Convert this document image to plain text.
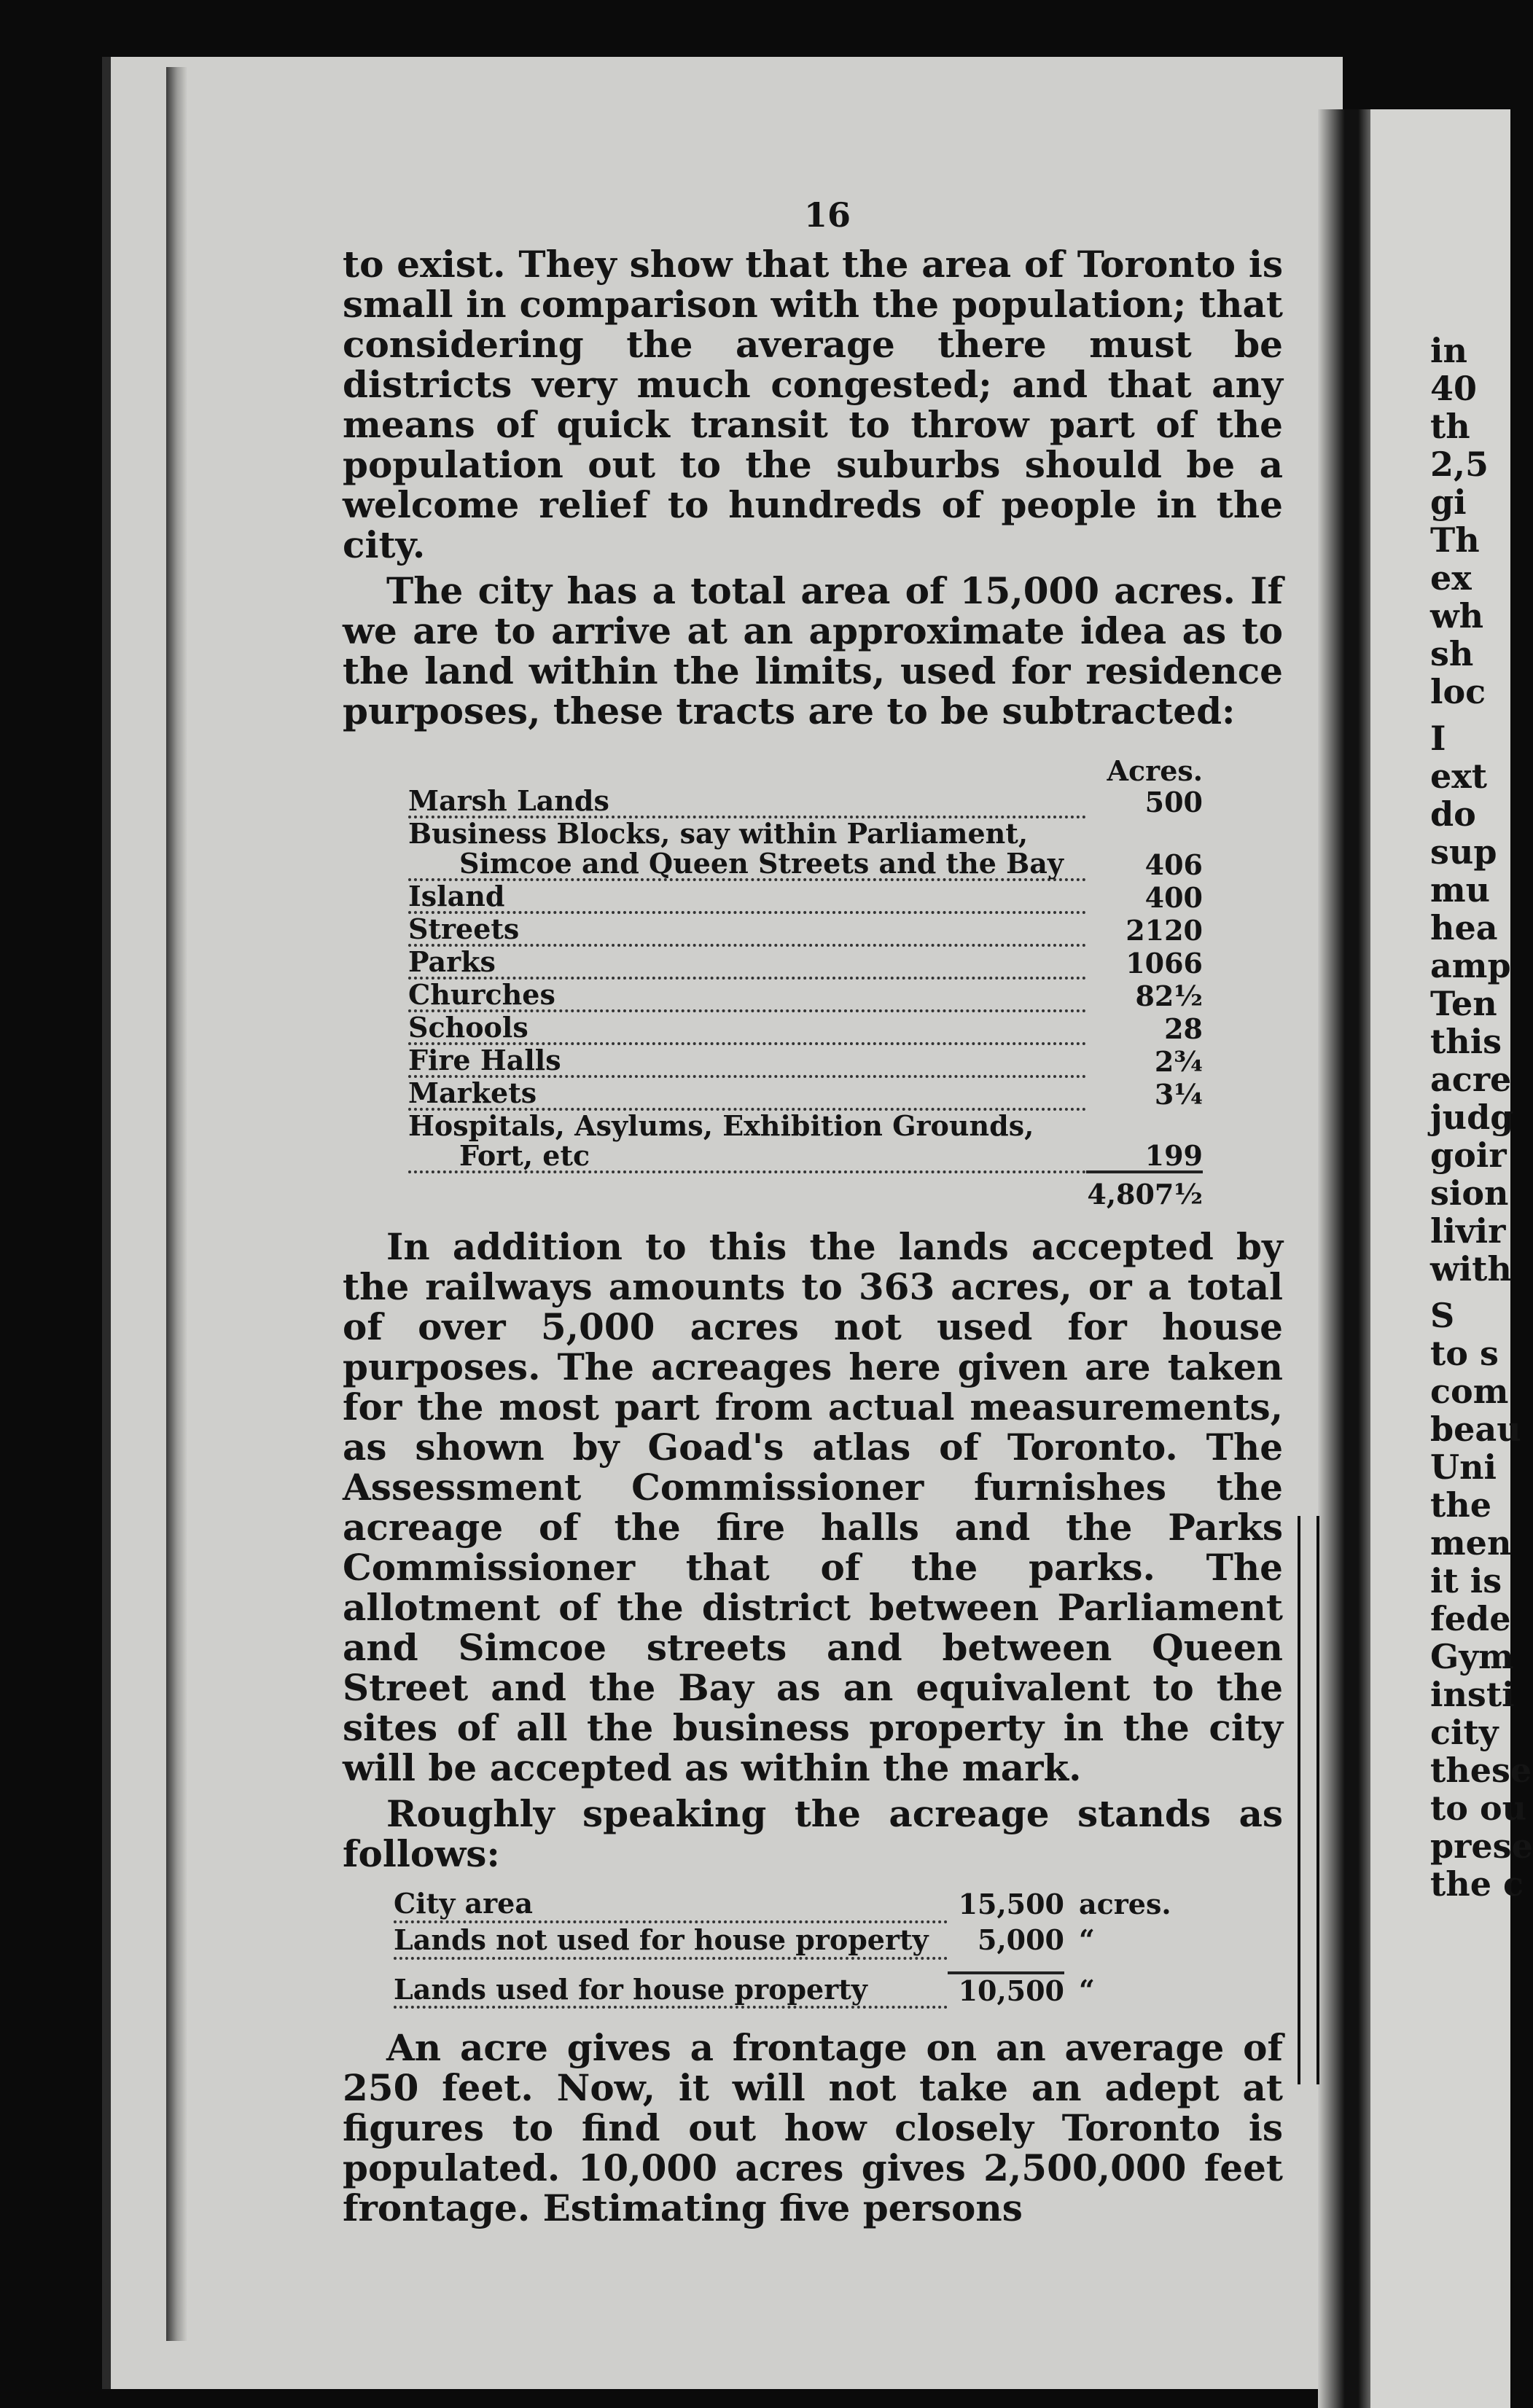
16

to exist. They show that the area of Toronto is small in comparison with the population; that considering the average there must be districts very much congested; and that any means of quick transit to throw part of the population out to the suburbs should be a welcome relief to hundreds of people in the city.

The city has a total area of 15,000 acres. If we are to arrive at an approximate idea as to the land within the limits, used for residence purposes, these tracts are to be subtracted:

	Acres.
Marsh Lands	500
Business Blocks, say within Parliament,	
Simcoe and Queen Streets and the Bay	406
Island	400
Streets	2120
Parks	1066
Churches	82½
Schools	28
Fire Halls	2¾
Markets	3¼
Hospitals, Asylums, Exhibition Grounds,	
Fort, etc	199
	4,807½

In addition to this the lands accepted by the railways amounts to 363 acres, or a total of over 5,000 acres not used for house purposes. The acreages here given are taken for the most part from actual measurements, as shown by Goad's atlas of Toronto. The Assessment Commissioner furnishes the acreage of the fire halls and the Parks Commissioner that of the parks. The allotment of the district between Parliament and Simcoe streets and between Queen Street and the Bay as an equivalent to the sites of all the business property in the city will be accepted as within the mark.

Roughly speaking the acreage stands as follows:

City area	15,500	acres.
Lands not used for house property	5,000	“

Lands used for house property	10,500	“

An acre gives a frontage on an average of 250 feet. Now, it will not take an adept at figures to find out how closely Toronto is populated. 10,000 acres gives 2,500,000 feet frontage. Estimating five persons

in
40
th
2,5
gi
Th
ex
wh
sh
loc
I
ext
do
sup
mu
hea
amp
Ten
this
acre
judg
goir
sion
livir
with
S
to s
com
beau
Uni
the
men
it is
fede
Gym
insti
city
these
to ou
prese
the c
